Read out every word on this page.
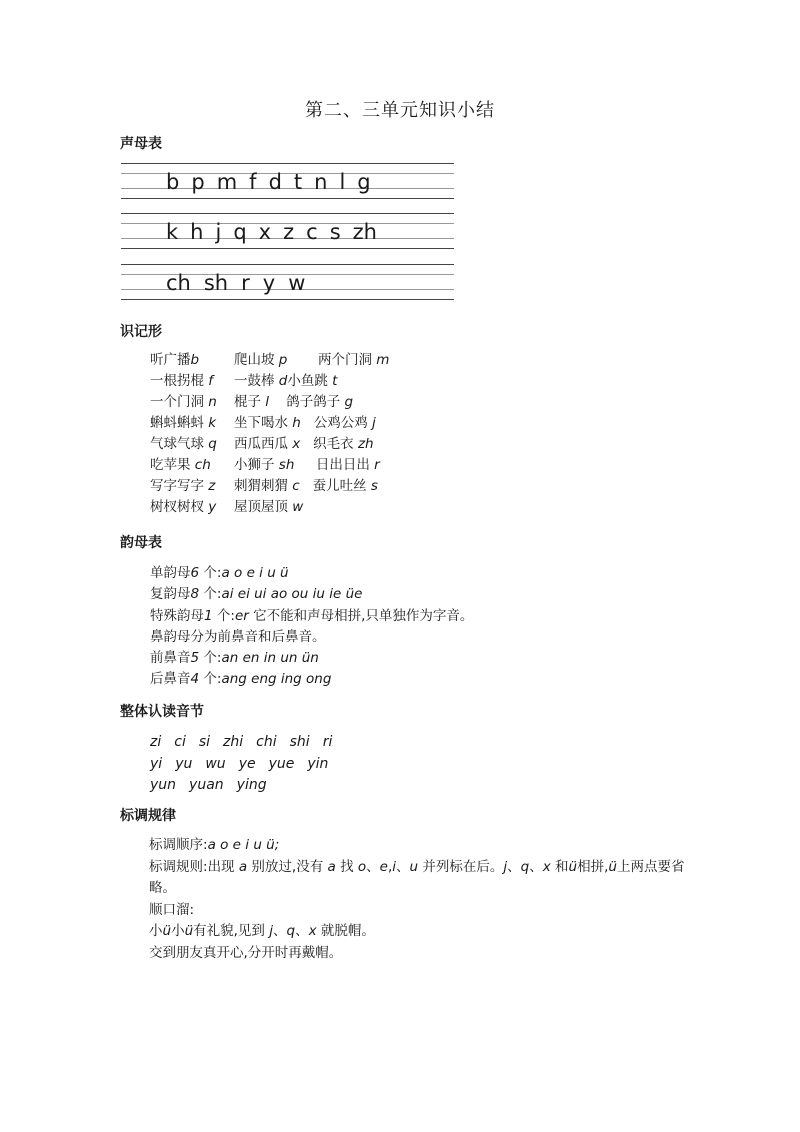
第二、三单元知识小结
声母表
b p m f d t n l g
k h j q x z c s zh
ch sh r y w
识记形
听广播b	爬山坡 p	两个门洞 m
一根拐棍 f	一鼓棒 d小鱼跳 t
一个门洞 n	棍子 l 鸽子鸽子 g
蝌蚪蝌蚪 k	坐下喝水 h 公鸡公鸡 j
气球气球 q	西瓜西瓜 x 织毛衣 zh
吃苹果 ch	小狮子 sh 日出日出 r
写字写字 z	刺猬刺猬 c 蚕儿吐丝 s
树杈树杈 y	屋顶屋顶 w
韵母表
单韵母6 个:a o e i u ü
复韵母8 个:ai ei ui ao ou iu ie üe
特殊韵母1 个:er 它不能和声母相拼,只单独作为字音。
鼻韵母分为前鼻音和后鼻音。
前鼻音5 个:an en in un ün
后鼻音4 个:ang eng ing ong
整体认读音节
zi ci si zhi chi shi ri
yi yu wu ye yue yin
yun yuan ying
标调规律

标调顺序:a o e i u ü;

标调规则:出现 a 别放过,没有 a 找 o、e,i、u 并列标在后。j、q、x 和ü相拼,ü上两点要省略。

顺口溜:

小ü小ü有礼貌,见到 j、q、x 就脱帽。

交到朋友真开心,分开时再戴帽。
